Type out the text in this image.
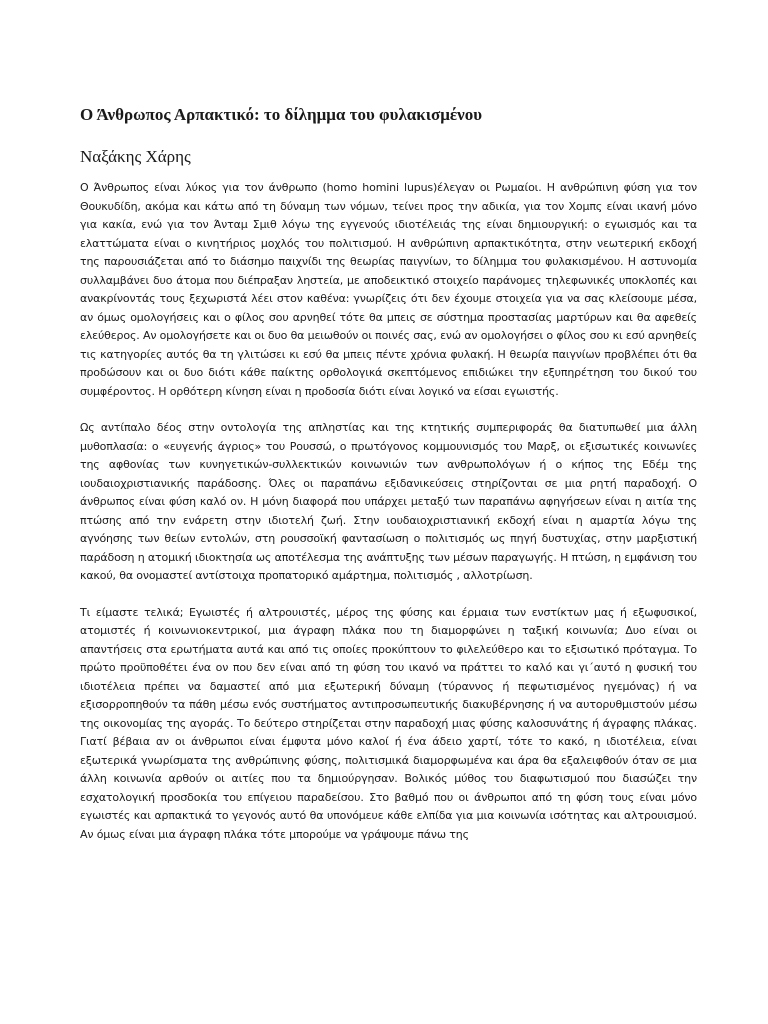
Ο Άνθρωπος Αρπακτικό: το δίλημμα του φυλακισμένου
Ναξάκης Χάρης

Ο Άνθρωπος είναι λύκος για τον άνθρωπο (homo homini lupus)έλεγαν οι Ρωμαίοι. Η ανθρώπινη φύση για τον Θουκυδίδη, ακόμα και κάτω από τη δύναμη των νόμων, τείνει προς την αδικία, για τον Χομπς είναι ικανή μόνο για κακία, ενώ για τον Άνταμ Σμιθ λόγω της εγγενούς ιδιοτέλειάς της είναι δημιουργική: ο εγωισμός και τα ελαττώματα είναι ο κινητήριος μοχλός του πολιτισμού. Η ανθρώπινη αρπακτικότητα, στην νεωτερική εκδοχή της παρουσιάζεται από το διάσημο παιχνίδι της θεωρίας παιγνίων, το δίλημμα του φυλακισμένου. Η αστυνομία συλλαμβάνει δυο άτομα που διέπραξαν ληστεία, με αποδεικτικό στοιχείο παράνομες τηλεφωνικές υποκλοπές και ανακρίνοντάς τους ξεχωριστά λέει στον καθένα: γνωρίζεις ότι δεν έχουμε στοιχεία για να σας κλείσουμε μέσα, αν όμως ομολογήσεις και ο φίλος σου αρνηθεί τότε θα μπεις σε σύστημα προστασίας μαρτύρων και θα αφεθείς ελεύθερος. Αν ομολογήσετε και οι δυο θα μειωθούν οι ποινές σας, ενώ αν ομολογήσει ο φίλος σου κι εσύ αρνηθείς τις κατηγορίες αυτός θα τη γλιτώσει κι εσύ θα μπεις πέντε χρόνια φυλακή. Η θεωρία παιγνίων προβλέπει ότι θα προδώσουν και οι δυο διότι κάθε παίκτης ορθολογικά σκεπτόμενος επιδιώκει την εξυπηρέτηση του δικού του συμφέροντος. Η ορθότερη κίνηση είναι η προδοσία διότι είναι λογικό να είσαι εγωιστής.

Ως αντίπαλο δέος στην οντολογία της απληστίας και της κτητικής συμπεριφοράς θα διατυπωθεί μια άλλη μυθοπλασία: ο «ευγενής άγριος» του Ρουσσώ, ο πρωτόγονος κομμουνισμός του Μαρξ, οι εξισωτικές κοινωνίες της αφθονίας των κυνηγετικών-συλλεκτικών κοινωνιών των ανθρωπολόγων ή ο κήπος της Εδέμ της ιουδαιοχριστιανικής παράδοσης. Όλες οι παραπάνω εξιδανικεύσεις στηρίζονται σε μια ρητή παραδοχή. Ο άνθρωπος είναι φύση καλό ον. Η μόνη διαφορά που υπάρχει μεταξύ των παραπάνω αφηγήσεων είναι η αιτία της πτώσης από την ενάρετη στην ιδιοτελή ζωή. Στην ιουδαιοχριστιανική εκδοχή είναι η αμαρτία λόγω της αγνόησης των θείων εντολών, στη ρουσσοϊκή φαντασίωση ο πολιτισμός ως πηγή δυστυχίας, στην μαρξιστική παράδοση η ατομική ιδιοκτησία ως αποτέλεσμα της ανάπτυξης των μέσων παραγωγής. Η πτώση, η εμφάνιση του κακού, θα ονομαστεί αντίστοιχα προπατορικό αμάρτημα, πολιτισμός , αλλοτρίωση.

Τι είμαστε τελικά; Εγωιστές ή αλτρουιστές, μέρος της φύσης και έρμαια των ενστίκτων μας ή εξωφυσικοί, ατομιστές ή κοινωνιοκεντρικοί, μια άγραφη πλάκα που τη διαμορφώνει η ταξική κοινωνία; Δυο είναι οι απαντήσεις στα ερωτήματα αυτά και από τις οποίες προκύπτουν το φιλελεύθερο και το εξισωτικό πρόταγμα. Το πρώτο προϋποθέτει ένα ον που δεν είναι από τη φύση του ικανό να πράττει το καλό και γι΄αυτό η φυσική του ιδιοτέλεια πρέπει να δαμαστεί από μια εξωτερική δύναμη (τύραννος ή πεφωτισμένος ηγεμόνας) ή να εξισορροπηθούν τα πάθη μέσω ενός συστήματος αντιπροσωπευτικής διακυβέρνησης ή να αυτορυθμιστούν μέσω της οικονομίας της αγοράς. Το δεύτερο στηρίζεται στην παραδοχή μιας φύσης καλοσυνάτης ή άγραφης πλάκας. Γιατί βέβαια αν οι άνθρωποι είναι έμφυτα μόνο καλοί ή ένα άδειο χαρτί, τότε το κακό, η ιδιοτέλεια, είναι εξωτερικά γνωρίσματα της ανθρώπινης φύσης, πολιτισμικά διαμορφωμένα και άρα θα εξαλειφθούν όταν σε μια άλλη κοινωνία αρθούν οι αιτίες που τα δημιούργησαν. Βολικός μύθος του διαφωτισμού που διασώζει την εσχατολογική προσδοκία του επίγειου παραδείσου. Στο βαθμό που οι άνθρωποι από τη φύση τους είναι μόνο εγωιστές και αρπακτικά το γεγονός αυτό θα υπονόμευε κάθε ελπίδα για μια κοινωνία ισότητας και αλτρουισμού. Αν όμως είναι μια άγραφη πλάκα τότε μπορούμε να γράψουμε πάνω της
